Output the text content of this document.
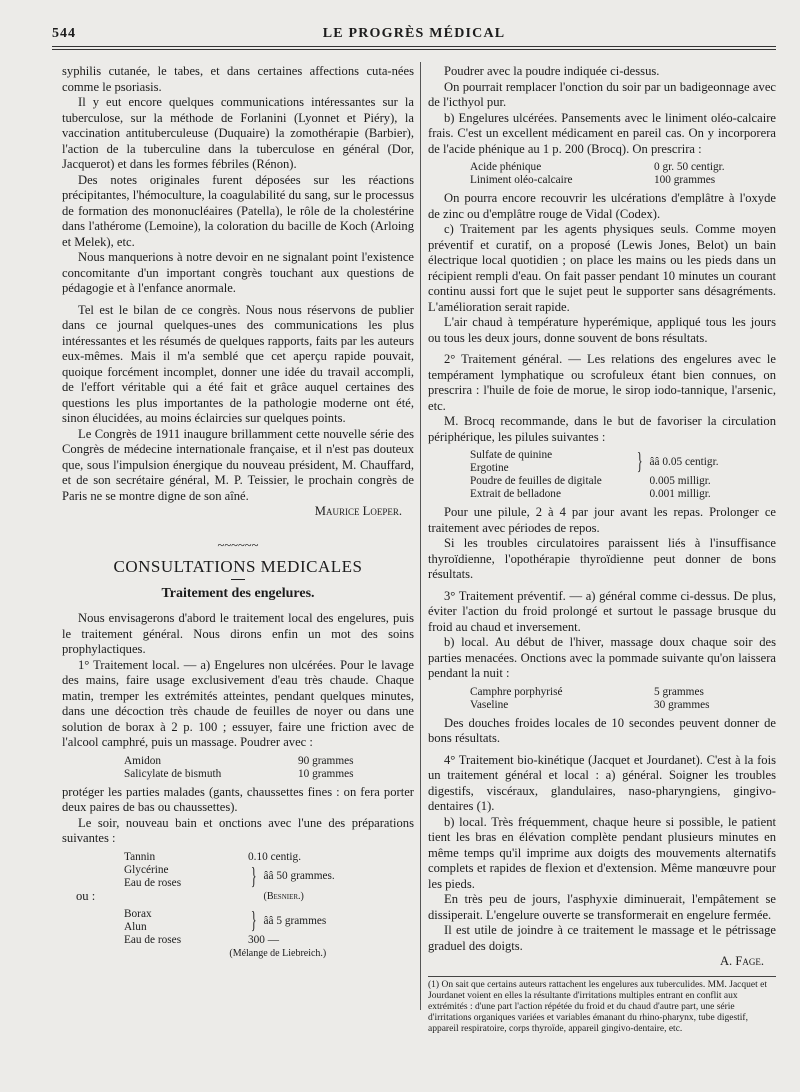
544	LE PROGRÈS MÉDICAL

syphilis cutanée, le tabes, et dans certaines affections cuta-nées comme le psoriasis.

Il y eut encore quelques communications intéressantes sur la tuberculose, sur la méthode de Forlanini (Lyonnet et Piéry), la vaccination antituberculeuse (Duquaire) la zomothérapie (Barbier), l'action de la tuberculine dans la tuberculose en général (Dor, Jacquerot) et dans les formes fébriles (Rénon).

Des notes originales furent déposées sur les réactions précipitantes, l'hémoculture, la coagulabilité du sang, sur le processus de formation des mononucléaires (Patella), le rôle de la cholestérine dans l'athérome (Lemoine), la coloration du bacille de Koch (Arloing et Melek), etc.

Nous manquerions à notre devoir en ne signalant point l'existence concomitante d'un important congrès touchant aux questions de pédagogie et à l'enfance anormale.

Tel est le bilan de ce congrès. Nous nous réservons de publier dans ce journal quelques-unes des communications les plus intéressantes et les résumés de quelques rapports, faits par les auteurs eux-mêmes. Mais il m'a semblé que cet aperçu rapide pouvait, quoique forcément incomplet, donner une idée du travail accompli, de l'effort véritable qui a été fait et grâce auquel certaines des questions les plus importantes de la pathologie moderne ont été, sinon élucidées, au moins éclaircies sur quelques points.

Le Congrès de 1911 inaugure brillamment cette nouvelle série des Congrès de médecine internationale française, et il n'est pas douteux que, sous l'impulsion énergique du nouveau président, M. Chauffard, et de son secrétaire général, M. P. Teissier, le prochain congrès de Paris ne se montre digne de son aîné.

Maurice Loeper.

~~~~~~
CONSULTATIONS MEDICALES
Traitement des engelures.

Nous envisagerons d'abord le traitement local des engelures, puis le traitement général. Nous dirons enfin un mot des soins prophylactiques.

1° Traitement local. — a) Engelures non ulcérées. Pour le lavage des mains, faire usage exclusivement d'eau très chaude. Chaque matin, tremper les extrémités atteintes, pendant quelques minutes, dans une décoction très chaude de feuilles de noyer ou dans une solution de borax à 2 p. 100 ; essuyer, faire une friction avec de l'alcool camphré, puis un massage. Poudrer avec :

Amidon	90 grammes
Salicylate de bismuth	10 grammes

protéger les parties malades (gants, chaussettes fines : on fera porter deux paires de bas ou chaussettes).

Le soir, nouveau bain et onctions avec l'une des préparations suivantes :

Tannin	0.10 centig.	
Glycérine	}	ââ 50 grammes.
Eau de roses		
		(Besnier.)
ou :
Borax	}	ââ 5 grammes
Alun		
Eau de roses	300 —	
(Mélange de Liebreich.)		

Poudrer avec la poudre indiquée ci-dessus.

On pourrait remplacer l'onction du soir par un badigeonnage avec de l'icthyol pur.

b) Engelures ulcérées. Pansements avec le liniment oléo-calcaire frais. C'est un excellent médicament en pareil cas. On y incorporera de l'acide phénique au 1 p. 200 (Brocq). On prescrira :

Acide phénique	0 gr. 50 centigr.
Liniment oléo-calcaire	100 grammes

On pourra encore recouvrir les ulcérations d'emplâtre à l'oxyde de zinc ou d'emplâtre rouge de Vidal (Codex).

c) Traitement par les agents physiques seuls. Comme moyen préventif et curatif, on a proposé (Lewis Jones, Belot) un bain électrique local quotidien ; on place les mains ou les pieds dans un récipient rempli d'eau. On fait passer pendant 10 minutes un courant continu aussi fort que le sujet peut le supporter sans désagréments. L'amélioration serait rapide.

L'air chaud à température hyperémique, appliqué tous les jours ou tous les deux jours, donne souvent de bons résultats.

2° Traitement général. — Les relations des engelures avec le tempérament lymphatique ou scrofuleux étant bien connues, on prescrira : l'huile de foie de morue, le sirop iodo-tannique, l'arsenic, etc.

M. Brocq recommande, dans le but de favoriser la circulation périphérique, les pilules suivantes :

Sulfate de quinine	}	ââ 0.05 centigr.
Ergotine		
Poudre de feuilles de digitale		0.005 milligr.
Extrait de belladone		0.001 milligr.

Pour une pilule, 2 à 4 par jour avant les repas. Prolonger ce traitement avec périodes de repos.

Si les troubles circulatoires paraissent liés à l'insuffisance thyroïdienne, l'opothérapie thyroïdienne peut donner de bons résultats.

3° Traitement préventif. — a) général comme ci-dessus. De plus, éviter l'action du froid prolongé et surtout le passage brusque du froid au chaud et inversement.

b) local. Au début de l'hiver, massage doux chaque soir des parties menacées. Onctions avec la pommade suivante qu'on laissera pendant la nuit :

Camphre porphyrisé	5 grammes
Vaseline	30 grammes

Des douches froides locales de 10 secondes peuvent donner de bons résultats.

4° Traitement bio-kinétique (Jacquet et Jourdanet). C'est à la fois un traitement général et local : a) général. Soigner les troubles digestifs, viscéraux, glandulaires, naso-pharyngiens, gingivo-dentaires (1).

b) local. Très fréquemment, chaque heure si possible, le patient tient les bras en élévation complète pendant plusieurs minutes en même temps qu'il imprime aux doigts des mouvements alternatifs complets et rapides de flexion et d'extension. Même manœuvre pour les pieds.

En très peu de jours, l'asphyxie diminuerait, l'empâtement se dissiperait. L'engelure ouverte se transformerait en engelure fermée.

Il est utile de joindre à ce traitement le massage et le pétrissage graduel des doigts.

A. Fage.

(1) On sait que certains auteurs rattachent les engelures aux tuberculides. MM. Jacquet et Jourdanet voient en elles la résultante d'irritations multiples entrant en conflit aux extrémités : d'une part l'action répétée du froid et du chaud d'autre part, une série d'irritations organiques variées et variables émanant du rhino-pharynx, tube digestif, appareil respiratoire, corps thyroïde, appareil gingivo-dentaire, etc.
